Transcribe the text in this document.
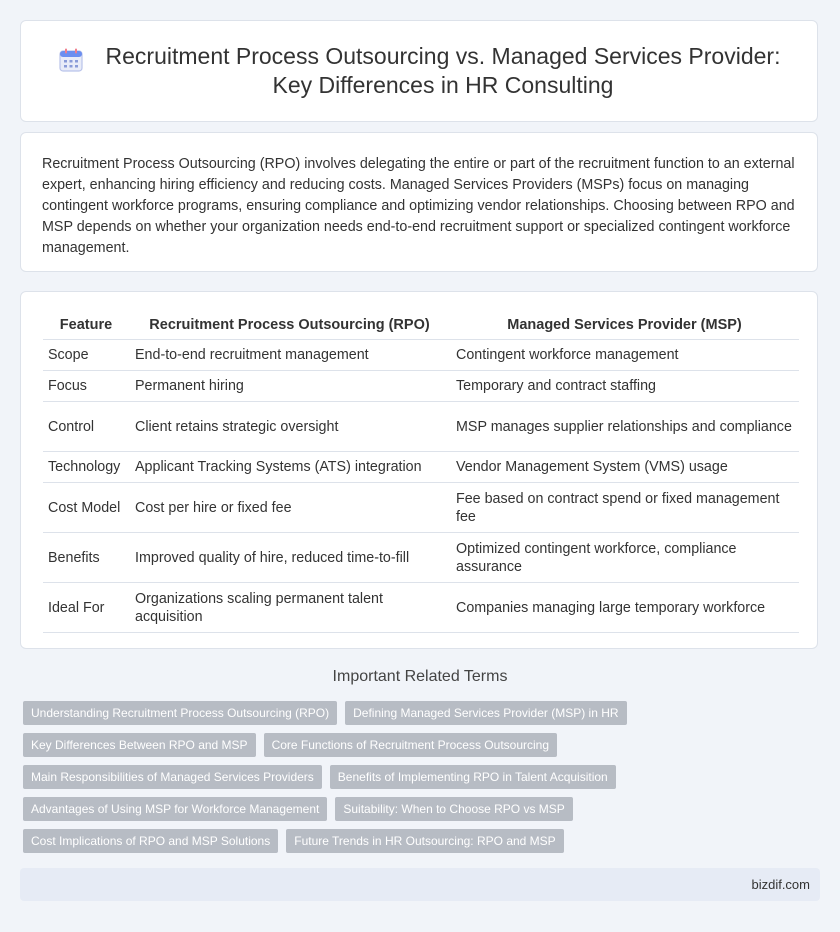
Recruitment Process Outsourcing vs. Managed Services Provider:
Key Differences in HR Consulting

Recruitment Process Outsourcing (RPO) involves delegating the entire or part of the recruitment function to an external expert, enhancing hiring efficiency and reducing costs. Managed Services Providers (MSPs) focus on managing contingent workforce programs, ensuring compliance and optimizing vendor relationships. Choosing between RPO and MSP depends on whether your organization needs end-to-end recruitment support or specialized contingent workforce management.

Feature	Recruitment Process Outsourcing (RPO)	Managed Services Provider (MSP)
Scope	End-to-end recruitment management	Contingent workforce management
Focus	Permanent hiring	Temporary and contract staffing
Control	Client retains strategic oversight	MSP manages supplier relationships and compliance
Technology	Applicant Tracking Systems (ATS) integration	Vendor Management System (VMS) usage
Cost Model	Cost per hire or fixed fee	Fee based on contract spend or fixed management fee
Benefits	Improved quality of hire, reduced time-to-fill	Optimized contingent workforce, compliance assurance
Ideal For	Organizations scaling permanent talent acquisition	Companies managing large temporary workforce
Important Related Terms
Understanding Recruitment Process Outsourcing (RPO)	Defining Managed Services Provider (MSP) in HR
Key Differences Between RPO and MSP	Core Functions of Recruitment Process Outsourcing
Main Responsibilities of Managed Services Providers	Benefits of Implementing RPO in Talent Acquisition
Advantages of Using MSP for Workforce Management	Suitability: When to Choose RPO vs MSP
Cost Implications of RPO and MSP Solutions	Future Trends in HR Outsourcing: RPO and MSP
bizdif.com
